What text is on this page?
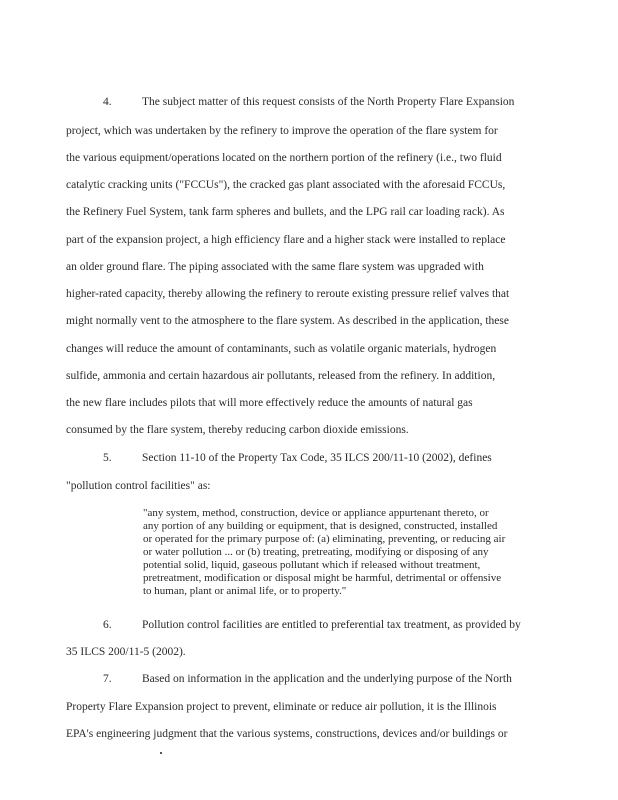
4.	The subject matter of this request consists of the North Property Flare Expansion
project, which was undertaken by the refinery to improve the operation of the flare system for
the various equipment/operations located on the northern portion of the refinery (i.e., two fluid
catalytic cracking units ("FCCUs"), the cracked gas plant associated with the aforesaid FCCUs,
the Refinery Fuel System, tank farm spheres and bullets, and the LPG rail car loading rack). As
part of the expansion project, a high efficiency flare and a higher stack were installed to replace
an older ground flare. The piping associated with the same flare system was upgraded with
higher-rated capacity, thereby allowing the refinery to reroute existing pressure relief valves that
might normally vent to the atmosphere to the flare system. As described in the application, these
changes will reduce the amount of contaminants, such as volatile organic materials, hydrogen
sulfide, ammonia and certain hazardous air pollutants, released from the refinery. In addition,
the new flare includes pilots that will more effectively reduce the amounts of natural gas
consumed by the flare system, thereby reducing carbon dioxide emissions.
5.	Section 11-10 of the Property Tax Code, 35 ILCS 200/11-10 (2002), defines
"pollution control facilities" as:
"any system, method, construction, device or appliance appurtenant thereto, or
any portion of any building or equipment, that is designed, constructed, installed
or operated for the primary purpose of: (a) eliminating, preventing, or reducing air
or water pollution ... or (b) treating, pretreating, modifying or disposing of any
potential solid, liquid, gaseous pollutant which if released without treatment,
pretreatment, modification or disposal might be harmful, detrimental or offensive
to human, plant or animal life, or to property."
6.	Pollution control facilities are entitled to preferential tax treatment, as provided by
35 ILCS 200/11-5 (2002).
7.	Based on information in the application and the underlying purpose of the North
Property Flare Expansion project to prevent, eliminate or reduce air pollution, it is the Illinois
EPA's engineering judgment that the various systems, constructions, devices and/or buildings or
